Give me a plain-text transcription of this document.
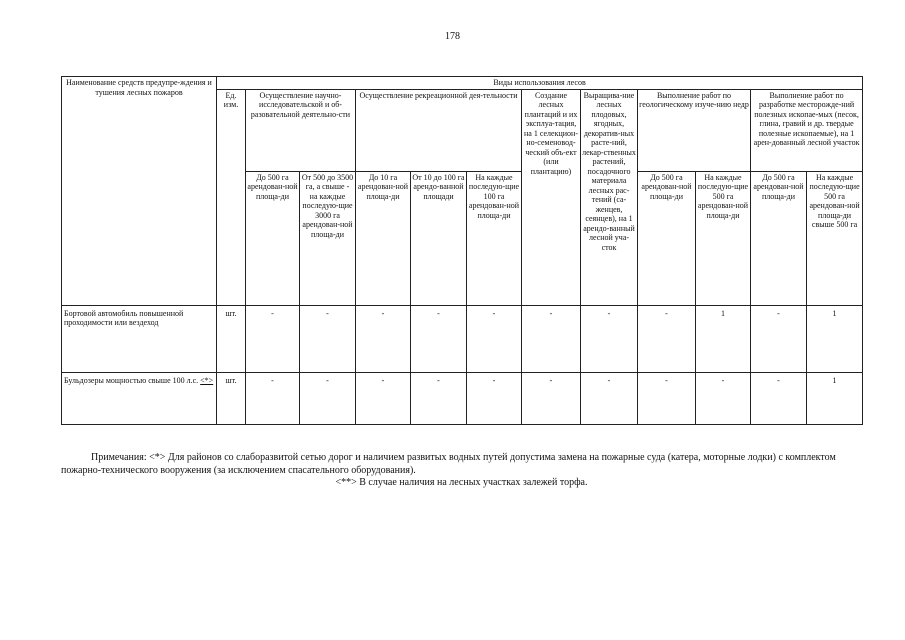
178
Наименование средств предупре-ждения и тушения лесных пожаров	Виды использования лесов											
	Ед. изм.	Осуществление научно-исследовательской и об-разовательной деятельно-сти		Осуществление рекреационной дея-тельности			Создание лесных плантаций и их эксплуа-тация, на 1 селекцион-но-семеновод-ческий объ-ект (или плантацию)	Выращива-ние лесных плодовых, ягодных, декоратив-ных расте-ний, лекар-ственных растений, посадочного материала лесных рас-тений (са-женцев, сеянцев), на 1 арендо-ванный лесной уча-сток	Выполнение работ по геологическому изуче-нию недр		Выполнение работ по разработке месторожде-ний полезных ископае-мых (песок, глина, гравий и др. твердые полезные ископаемые), на 1 арен-дованный лесной участок	
		До 500 га арендован-ной площа-ди	От 500 до 3500 га, а свыше - на каждые последую-щие 3000 га арендован-ной площа-ди	До 10 га арендован-ной площа-ди	От 10 до 100 га арендо-ванной площади	На каждые последую-щие 100 га арендован-ной площа-ди			До 500 га арендован-ной площа-ди	На каждые последую-щие 500 га арендован-ной площа-ди	До 500 га арендован-ной площа-ди	На каждые последую-щие 500 га арендован-ной площа-ди свыше 500 га
Бортовой автомобиль повышенной проходимости или вездеход	шт.	-	-	-	-	-	-	-	-	1	-	1
Бульдозеры мощностью свыше 100 л.с. <*>	шт.	-	-	-	-	-	-	-	-	-	-	1

Примечания: <*> Для районов со слаборазвитой сетью дорог и наличием развитых водных путей допустима замена на пожарные суда (катера, моторные лодки) с комплектом пожарно-технического вооружения (за исключением спасательного оборудования).

<**> В случае наличия на лесных участках залежей торфа.
